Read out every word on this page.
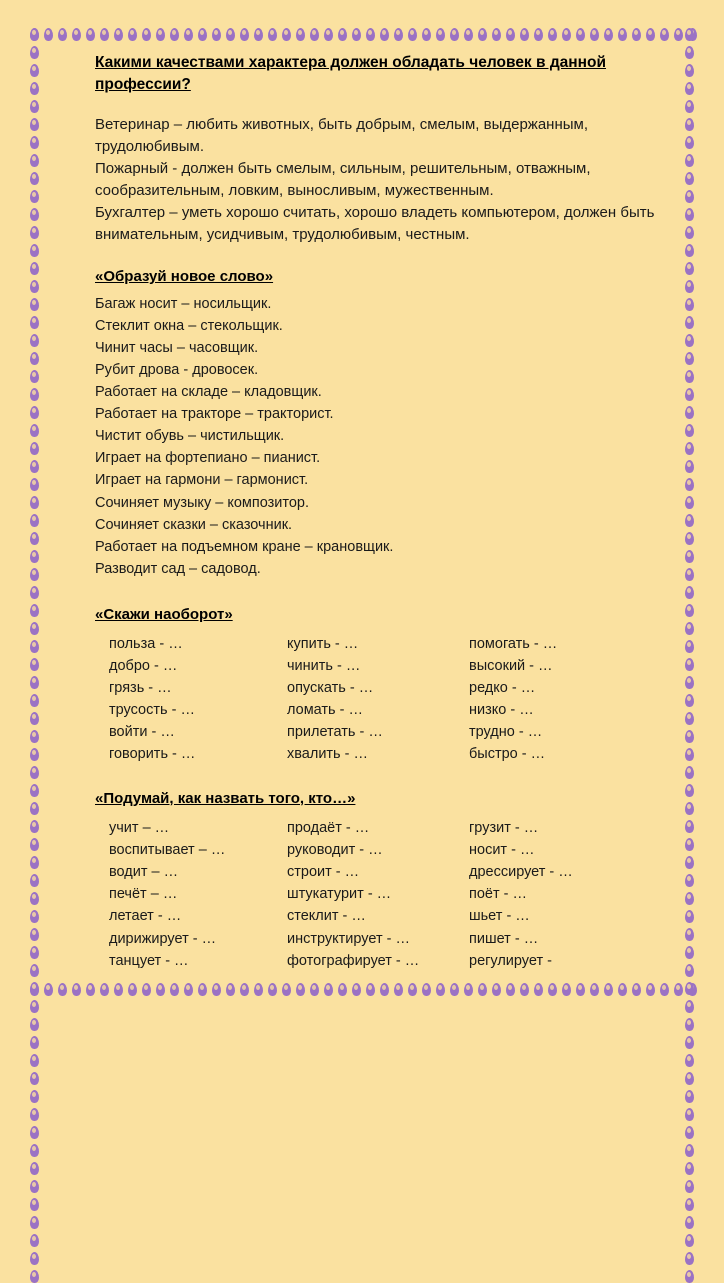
Какими качествами характера должен обладать человек в данной профессии?

Ветеринар – любить животных, быть добрым, смелым, выдержанным, трудолюбивым.

Пожарный - должен быть смелым, сильным, решительным, отважным, сообразительным, ловким, выносливым, мужественным.

Бухгалтер – уметь хорошо считать, хорошо владеть компьютером, должен быть внимательным, усидчивым, трудолюбивым, честным.

«Образуй новое слово»
Багаж носит – носильщик.
Стеклит окна – стекольщик.
Чинит часы – часовщик.
Рубит дрова - дровосек.
Работает на складе – кладовщик.
Работает на тракторе – тракторист.
Чистит обувь – чистильщик.
Играет на фортепиано – пианист.
Играет на гармони – гармонист.
Сочиняет музыку – композитор.
Сочиняет сказки – сказочник.
Работает на подъемном кране – крановщик.
Разводит сад – садовод.
«Скажи наоборот»
польза - …
добро - …
грязь - …
трусость - …
войти - …
говорить - …
купить - …
чинить - …
опускать - …
ломать - …
прилетать - …
хвалить - …
помогать - …
высокий - …
редко - …
низко - …
трудно - …
быстро - …
«Подумай, как назвать того, кто…»
учит – …
воспитывает – …
водит – …
печёт – …
летает - …
дирижирует - …
танцует - …
продаёт - …
руководит - …
строит - …
штукатурит - …
стеклит - …
инструктирует - …
фотографирует - …
грузит - …
носит - …
дрессирует - …
поёт - …
шьет - …
пишет - …
регулирует -
